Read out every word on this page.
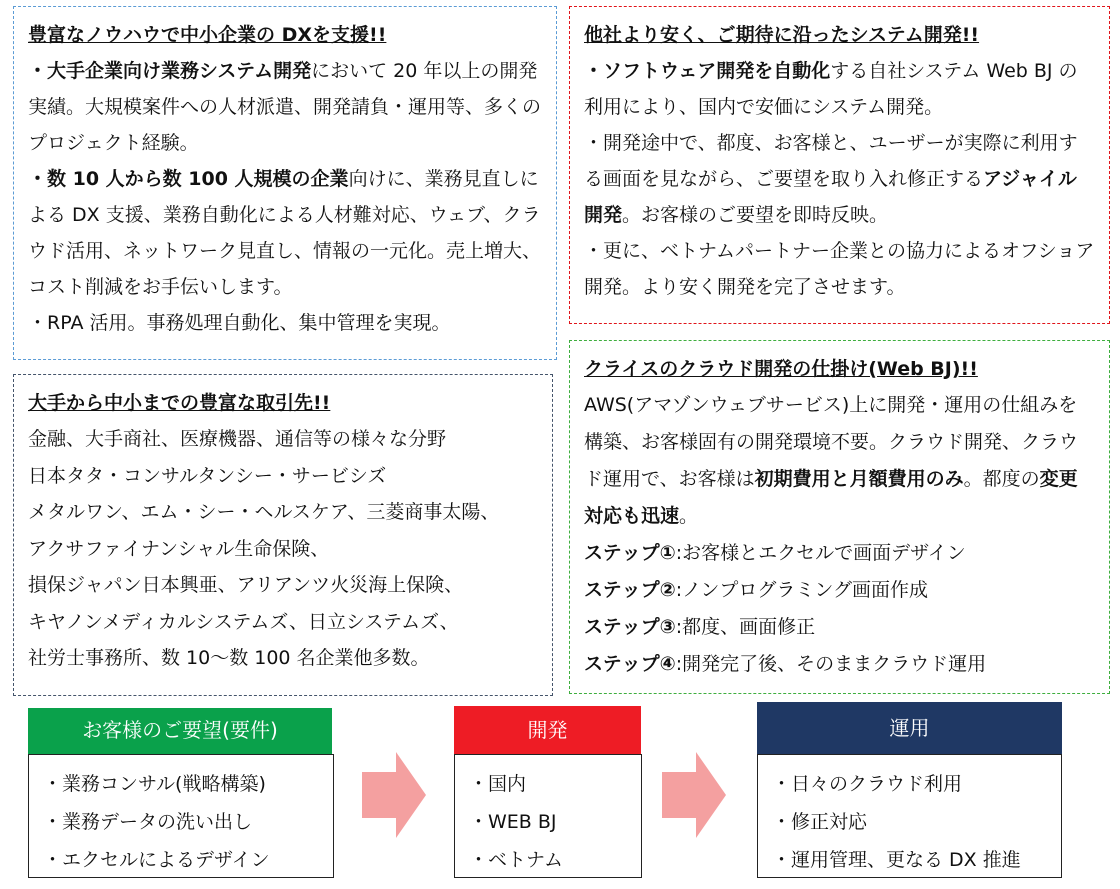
豊富なノウハウで中小企業の DXを支援!!
・大手企業向け業務システム開発において 20 年以上の開発実績。大規模案件への人材派遣、開発請負・運用等、多くのプロジェクト経験。
・数 10 人から数 100 人規模の企業向けに、業務見直しによる DX 支援、業務自動化による人材難対応、ウェブ、クラウド活用、ネットワーク見直し、情報の一元化。売上増大、コスト削減をお手伝いします。
・RPA 活用。事務処理自動化、集中管理を実現。
大手から中小までの豊富な取引先!!
金融、大手商社、医療機器、通信等の様々な分野
日本タタ・コンサルタンシー・サービシズ
メタルワン、エム・シー・ヘルスケア、三菱商事太陽、
アクサファイナンシャル生命保険、
損保ジャパン日本興亜、アリアンツ火災海上保険、
キヤノンメディカルシステムズ、日立システムズ、
社労士事務所、数 10〜数 100 名企業他多数。
他社より安く、ご期待に沿ったシステム開発!!
・ソフトウェア開発を自動化する自社システム Web BJ の利用により、国内で安価にシステム開発。
・開発途中で、都度、お客様と、ユーザーが実際に利用する画面を見ながら、ご要望を取り入れ修正するアジャイル開発。お客様のご要望を即時反映。
・更に、ベトナムパートナー企業との協力によるオフショア開発。より安く開発を完了させます。
クライスのクラウド開発の仕掛け(Web BJ)!!
AWS(アマゾンウェブサービス)上に開発・運用の仕組みを構築、お客様固有の開発環境不要。クラウド開発、クラウド運用で、お客様は初期費用と月額費用のみ。都度の変更対応も迅速。
ステップ①:お客様とエクセルで画面デザイン
ステップ②:ノンプログラミング画面作成
ステップ③:都度、画面修正
ステップ④:開発完了後、そのままクラウド運用
お客様のご要望(要件)
・業務コンサル(戦略構築)
・業務データの洗い出し
・エクセルによるデザイン
開発
・国内
・WEB BJ
・ベトナム
運用
・日々のクラウド利用
・修正対応
・運用管理、更なる DX 推進
